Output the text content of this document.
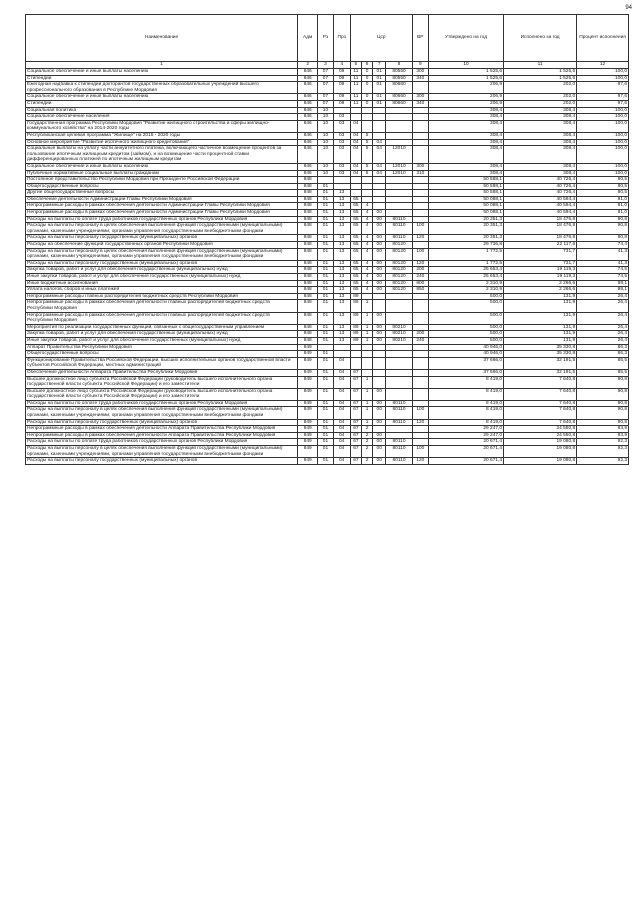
94
Наименование	Адм	Рз	Прз	Цср				ВР	Утверждено на год	Исполнено за год	Процент исполнения
1	2	3	4	5	6	7	8	9	10	11	12
Социальное обеспечение и иные выплаты населению	846	07	09	11	0	01	80550	300	1 525,6	1 525,6	100,0
Стипендии	846	07	09	11	0	01	80550	340	1 525,6	1 525,6	100,0
Ежегодная надбавка к стипендии докторантов государственных образовательных учреждений высшего профессионального образования в Республике Мордовия	846	07	09	11	0	01	80660		206,9	202,0	97,6
Социальное обеспечение и иные выплаты населению	846	07	09	11	0	01	80660	300	206,9	202,0	97,6
Стипендии	846	07	09	11	0	01	80660	340	206,9	202,0	97,6
Социальная политика	846	10							308,4	308,4	100,0
Социальное обеспечение населения	846	10	03						308,4	308,4	100,0
Государственная программа Республики Мордовия "Развитие жилищного строительства и сферы жилищно-коммунального хозяйства" на 2014-2020 годы	846	10	03	04					308,4	308,4	100,0
Республиканская целевая программа "Жилище" на 2015 - 2020 годы	846	10	03	04	5				308,4	308,4	100,0
Основное мероприятие "Развитие ипотечного жилищного кредитования"	846	10	03	04	5	04			308,4	308,4	100,0
Социальные выплаты на уплату части аннуитетного платежа, включающего частичное возмещение процентов за пользование ипотечным жилищным кредитом (займом), и на возмещение части процентной ставки дифференцированных платежей по ипотечным жилищным кредитам	846	10	03	04	5	04	12010		308,4	308,4	100,0
Социальное обеспечение и иные выплаты населению	846	10	03	04	5	04	12010	300	308,4	308,4	100,0
Публичные нормативные социальные выплаты гражданам	846	10	03	04	5	04	12010	310	308,4	308,4	100,0
Постоянное представительство Республики Мордовия при Президенте Российской Федерации	848								50 588,1	40 726,4	80,5
Общегосударственные вопросы	848	01							50 588,1	40 726,4	80,5
Другие общегосударственные вопросы	848	01	13						50 588,1	40 726,4	80,5
Обеспечение деятельности Администрации Главы Республики Мордовия	848	01	13	65					50 088,1	40 594,4	81,0
Непрограммные расходы в рамках обеспечения деятельности Администрации Главы Республики Мордовия	848	01	13	65	4				50 088,1	40 594,4	81,0
Непрограммные расходы в рамках обеспечения деятельности Администрации Главы Республики Мордовия	848	01	13	65	4	00			50 088,1	40 594,4	81,0
Расходы на выплаты по оплате труда работников государственных органов Республики Мордовия	848	01	13	65	4	00	80110		20 351,3	18 476,8	90,8
Расходы на выплаты персоналу в целях обеспечения выполнения функций государственными (муниципальными) органами, казенными учреждениями, органами управления государственными внебюджетными фондами	848	01	13	65	4	00	80110	100	20 351,3	18 476,8	90,8
Расходы на выплаты персоналу государственных (муниципальных) органов	848	01	13	65	4	00	80110	120	20 351,3	18 476,8	90,8
Расходы на обеспечение функций государственных органов Республики Мордовия	848	01	13	65	4	00	80120		29 736,8	22 117,6	74,4
Расходы на выплаты персоналу в целях обеспечения выполнения функций государственными (муниципальными) органами, казенными учреждениями, органами управления государственными внебюджетными фондами	848	01	13	65	4	00	80120	100	1 772,5	731,7	41,3
Расходы на выплаты персоналу государственных (муниципальных) органов	848	01	13	65	4	00	80120	120	1 772,5	731,7	41,3
Закупка товаров, работ и услуг для обеспечения государственных (муниципальных) нужд	848	01	13	65	4	00	80120	200	25 653,4	19 119,3	74,5
Иные закупки товаров, работ и услуг для обеспечения государственных (муниципальных) нужд	848	01	13	65	4	00	80120	240	25 653,4	19 119,3	74,5
Иные бюджетные ассигнования	848	01	13	65	4	00	80120	800	2 310,9	2 266,6	98,1
Уплата налогов, сборов и иных платежей	848	01	13	65	4	00	80120	850	2 310,9	2 266,6	98,1
Непрограммные расходы главных распорядителей бюджетных средств Республики Мордовия	848	01	13	89					500,0	131,9	26,4
Непрограммные расходы в рамках обеспечения деятельности главных распорядителей бюджетных средств Республики Мордовия	848	01	13	89	1				500,0	131,9	26,4
Непрограммные расходы в рамках обеспечения деятельности главных распорядителей бюджетных средств Республики Мордовия	848	01	13	89	1	00			500,0	131,9	26,4
Мероприятия по реализации государственных функций, связанных с общегосударственным управлением	848	01	13	89	1	00	80210		500,0	131,9	26,4
Закупка товаров, работ и услуг для обеспечения государственных (муниципальных) нужд	848	01	13	89	1	00	80210	200	500,0	131,9	26,4
Иные закупки товаров, работ и услуг для обеспечения государственных (муниципальных) нужд	848	01	13	89	1	00	80210	240	500,0	131,9	26,4
Аппарат Правительства Республики Мордовия	849								40 946,0	35 330,8	86,3
Общегосударственные вопросы	849	01							40 946,0	35 330,8	86,3
Функционирование Правительства Российской Федерации, высших исполнительных органов государственной власти субъектов Российской Федерации, местных администраций	849	01	04						37 666,0	32 191,5	85,5
Обеспечение деятельности Аппарата Правительства Республики Мордовия	849	01	04	67					37 666,0	32 191,5	85,5
Высшее должностное лицо субъекта Российской Федерации (руководитель высшего исполнительного органа государственной власти субъекта Российской Федерации) и его заместители	849	01	04	67	1				8 419,0	7 640,8	90,8
Высшее должностное лицо субъекта Российской Федерации (руководитель высшего исполнительного органа государственной власти субъекта Российской Федерации) и его заместители	849	01	04	67	1	00			8 419,0	7 640,8	90,8
Расходы на выплаты по оплате труда работников государственных органов Республики Мордовия	849	01	04	67	1	00	80110		8 419,0	7 640,8	90,8
Расходы на выплаты персоналу в целях обеспечения выполнения функций государственными (муниципальными) органами, казенными учреждениями, органами управления государственными внебюджетными фондами	849	01	04	67	1	00	80110	100	8 419,0	7 640,8	90,8
Расходы на выплаты персоналу государственных (муниципальных) органов	849	01	04	67	1	00	80110	120	8 419,0	7 640,8	90,8
Непрограммные расходы в рамках обеспечения деятельности Аппарата Правительства Республики Мордовия	849	01	04	67	2				29 247,0	24 550,8	83,9
Непрограммные расходы в рамках обеспечения деятельности Аппарата Правительства Республики Мордовия	849	01	04	67	2	00			29 247,0	24 550,8	83,9
Расходы на выплаты по оплате труда работников государственных органов Республики Мордовия	849	01	04	67	2	00	80110		20 671,4	19 080,8	92,3
Расходы на выплаты персоналу в целях обеспечения выполнения функций государственными (муниципальными) органами, казенными учреждениями, органами управления государственными внебюджетными фондами	849	01	04	67	2	00	80110	100	20 671,4	19 080,8	92,3
Расходы на выплаты персоналу государственных (муниципальных) органов	849	01	04	67	2	00	80110	120	20 671,4	19 080,8	92,3
